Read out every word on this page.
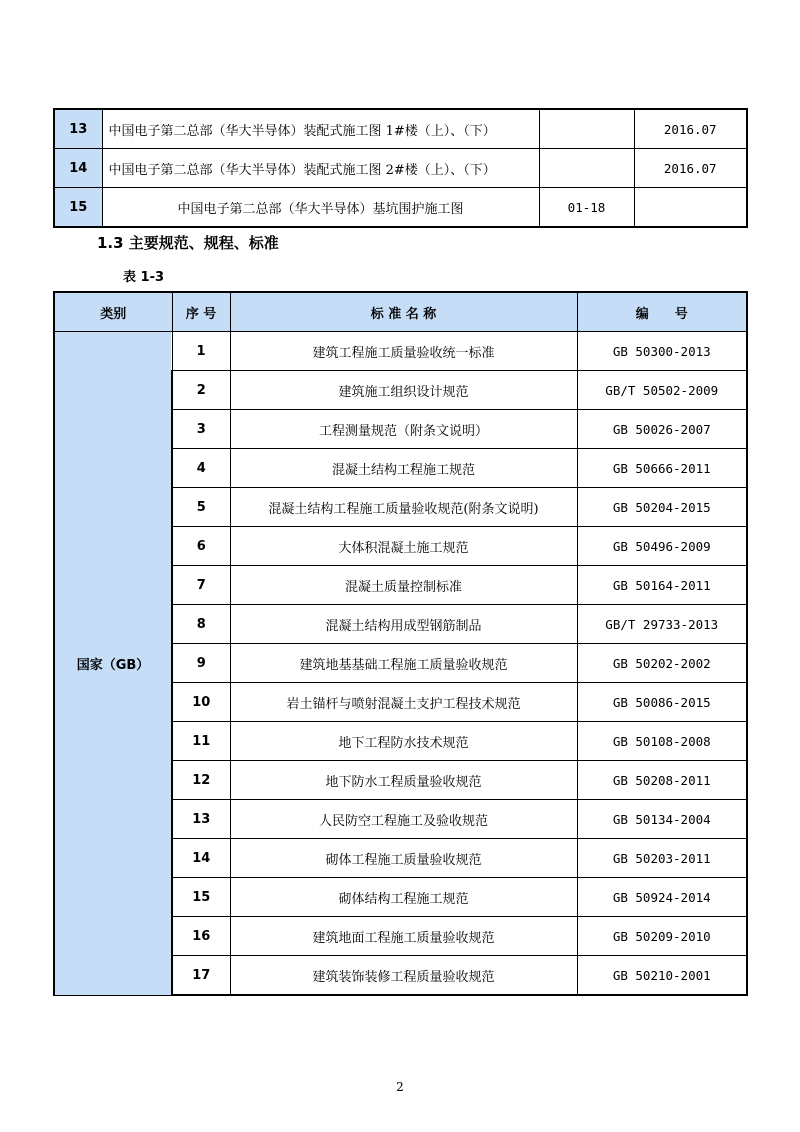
13	中国电子第二总部（华大半导体）装配式施工图 1#楼（上）、（下）		2016.07
14	中国电子第二总部（华大半导体）装配式施工图 2#楼（上）、（下）		2016.07
15	中国电子第二总部（华大半导体）基坑围护施工图	01-18	
1.3 主要规范、规程、标准
表 1-3
类别	序 号	标 准 名 称	编　　号
国家（GB）	1	建筑工程施工质量验收统一标准	GB 50300-2013
	2	建筑施工组织设计规范	GB/T 50502-2009
	3	工程测量规范（附条文说明）	GB 50026-2007
	4	混凝土结构工程施工规范	GB 50666-2011
	5	混凝土结构工程施工质量验收规范(附条文说明)	GB 50204-2015
	6	大体积混凝土施工规范	GB 50496-2009
	7	混凝土质量控制标准	GB 50164-2011
	8	混凝土结构用成型钢筋制品	GB/T 29733-2013
	9	建筑地基基础工程施工质量验收规范	GB 50202-2002
	10	岩土锚杆与喷射混凝土支护工程技术规范	GB 50086-2015
	11	地下工程防水技术规范	GB 50108-2008
	12	地下防水工程质量验收规范	GB 50208-2011
	13	人民防空工程施工及验收规范	GB 50134-2004
	14	砌体工程施工质量验收规范	GB 50203-2011
	15	砌体结构工程施工规范	GB 50924-2014
	16	建筑地面工程施工质量验收规范	GB 50209-2010
	17	建筑装饰装修工程质量验收规范	GB 50210-2001
2
